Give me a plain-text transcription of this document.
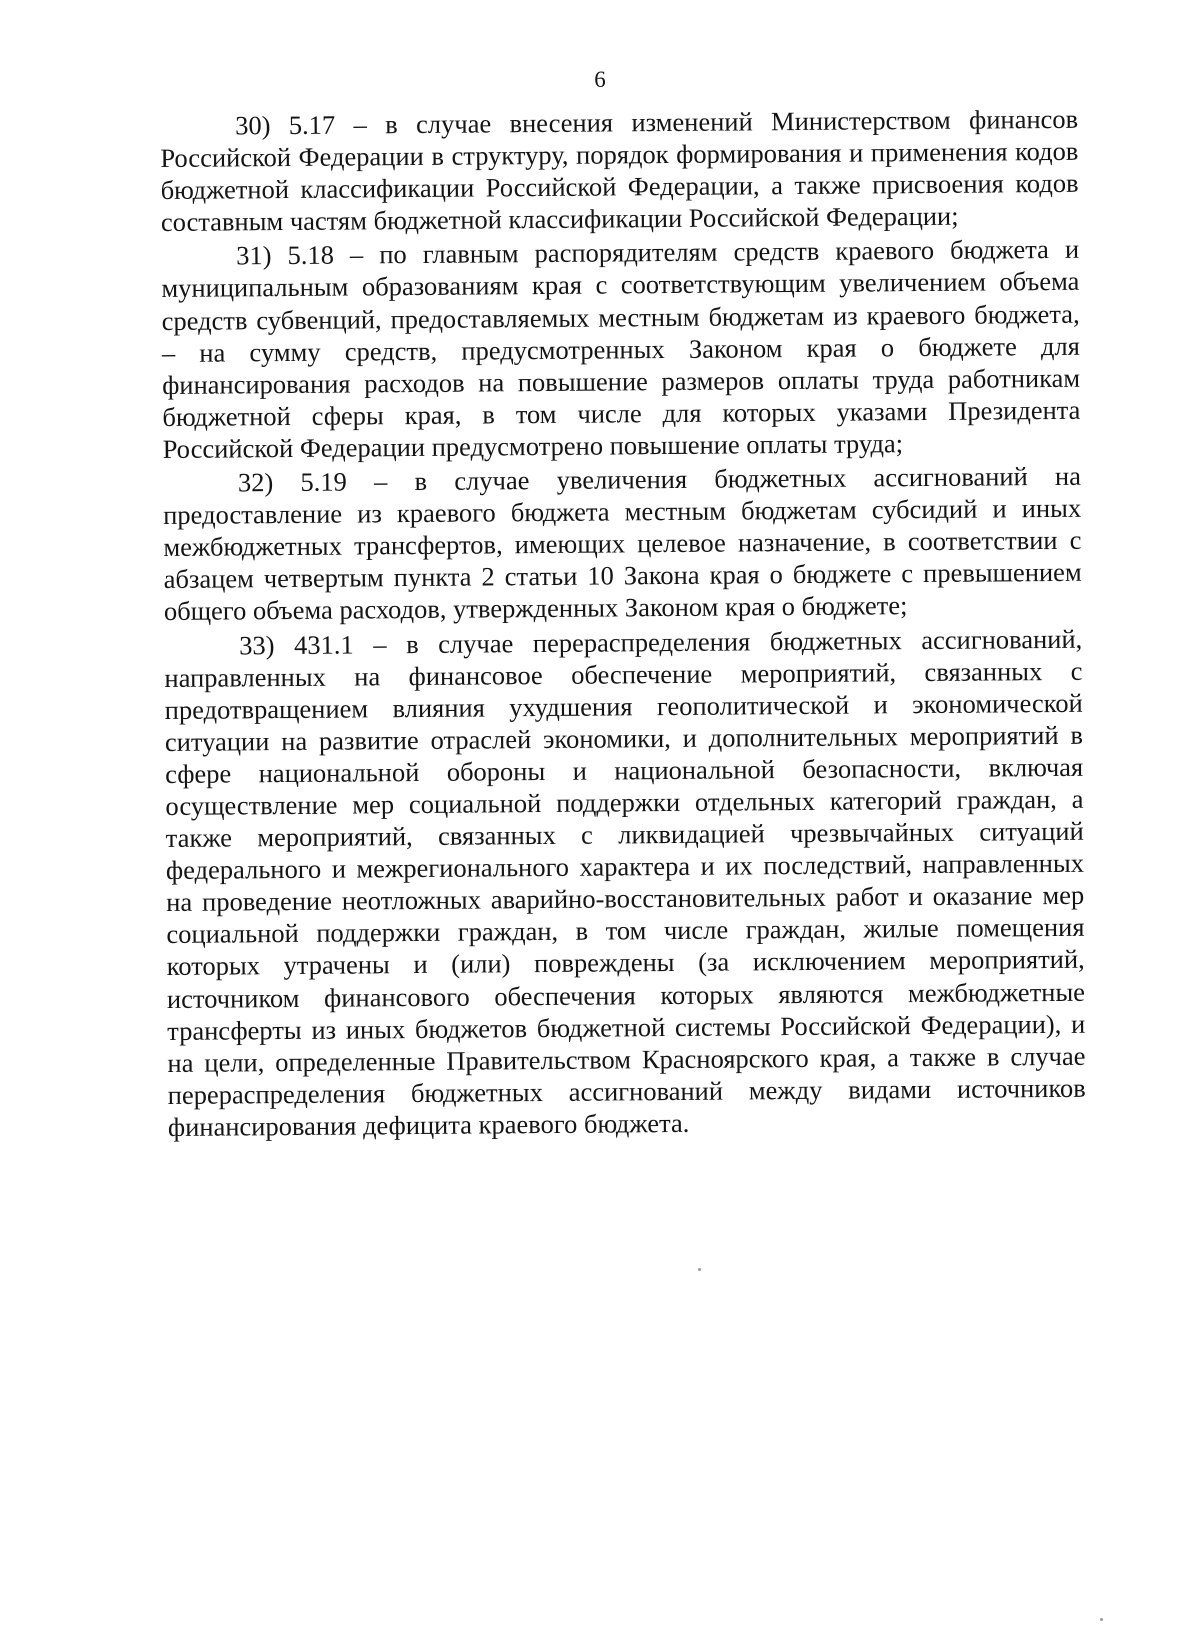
6

30) 5.17 – в случае внесения изменений Министерством финансов Российской Федерации в структуру, порядок формирования и применения кодов бюджетной классификации Российской Федерации, а также присвоения кодов составным частям бюджетной классификации Российской Федерации;

31) 5.18 – по главным распорядителям средств краевого бюджета и муниципальным образованиям края с соответствующим увеличением объема средств субвенций, предоставляемых местным бюджетам из краевого бюджета, – на сумму средств, предусмотренных Законом края о бюджете для финансирования расходов на повышение размеров оплаты труда работникам бюджетной сферы края, в том числе для которых указами Президента Российской Федерации предусмотрено повышение оплаты труда;

32) 5.19 – в случае увеличения бюджетных ассигнований на предоставление из краевого бюджета местным бюджетам субсидий и иных межбюджетных трансфертов, имеющих целевое назначение, в соответствии с абзацем четвертым пункта 2 статьи 10 Закона края о бюджете с превышением общего объема расходов, утвержденных Законом края о бюджете;

33) 431.1 – в случае перераспределения бюджетных ассигнований, направленных на финансовое обеспечение мероприятий, связанных с предотвращением влияния ухудшения геополитической и экономической ситуации на развитие отраслей экономики, и дополнительных мероприятий в сфере национальной обороны и национальной безопасности, включая осуществление мер социальной поддержки отдельных категорий граждан, а также мероприятий, связанных с ликвидацией чрезвычайных ситуаций федерального и межрегионального характера и их последствий, направленных на проведение неотложных аварийно-восстановительных работ и оказание мер социальной поддержки граждан, в том числе граждан, жилые помещения которых утрачены и (или) повреждены (за исключением мероприятий, источником финансового обеспечения которых являются межбюджетные трансферты из иных бюджетов бюджетной системы Российской Федерации), и на цели, определенные Правительством Красноярского края, а также в случае перераспределения бюджетных ассигнований между видами источников финансирования дефицита краевого бюджета.
